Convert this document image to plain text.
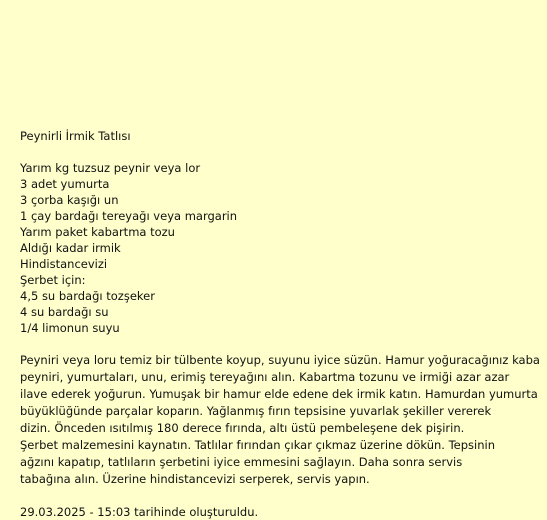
Peynirli İrmik Tatlısı
Yarım kg tuzsuz peynir veya lor
3 adet yumurta
3 çorba kaşığı un
1 çay bardağı tereyağı veya margarin
Yarım paket kabartma tozu
Aldığı kadar irmik
Hindistancevizi
Şerbet için:
4,5 su bardağı tozşeker
4 su bardağı su
1/4 limonun suyu

Peyniri veya loru temiz bir tülbente koyup, suyunu iyice süzün. Hamur yoğuracağınız kaba
peyniri, yumurtaları, unu, erimiş tereyağını alın. Kabartma tozunu ve irmiği azar azar
ilave ederek yoğurun. Yumuşak bir hamur elde edene dek irmik katın. Hamurdan yumurta
büyüklüğünde parçalar koparın. Yağlanmış fırın tepsisine yuvarlak şekiller vererek
dizin. Önceden ısıtılmış 180 derece fırında, altı üstü pembeleşene dek pişirin.
Şerbet malzemesini kaynatın. Tatlılar fırından çıkar çıkmaz üzerine dökün. Tepsinin
ağzını kapatıp, tatlıların şerbetini iyice emmesini sağlayın. Daha sonra servis
tabağına alın. Üzerine hindistancevizi serperek, servis yapın.

29.03.2025 - 15:03 tarihinde oluşturuldu.
